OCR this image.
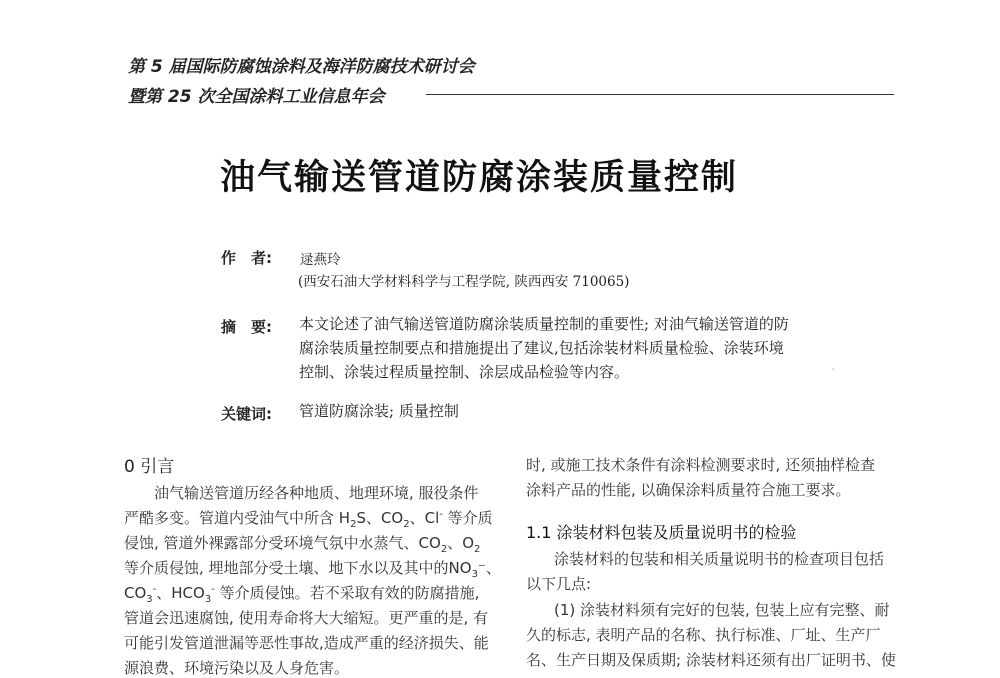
第 5 届国际防腐蚀涂料及海洋防腐技术研讨会
暨第 25 次全国涂料工业信息年会
油气输送管道防腐涂装质量控制
作　者: 逯燕玲
(西安石油大学材料科学与工程学院, 陕西西安 710065)
摘　要: 本文论述了油气输送管道防腐涂装质量控制的重要性; 对油气输送管道的防
腐涂装质量控制要点和措施提出了建议,包括涂装材料质量检验、涂装环境
控制、涂装过程质量控制、涂层成品检验等内容。	,
关键词: 管道防腐涂装; 质量控制
0 引言
油气输送管道历经各种地质、地理环境, 服役条件
严酷多变。管道内受油气中所含 $H_2S$、$CO_2$、Cl- 等介质
侵蚀, 管道外裸露部分受环境气氛中水蒸气、$CO_2$、$O_2$
等介质侵蚀, 埋地部分受土壤、地下水以及其中的$NO_3^-$、
$CO_3^-$、$HCO_3^-$ 等介质侵蚀。若不采取有效的防腐措施,
管道会迅速腐蚀, 使用寿命将大大缩短。更严重的是, 有
可能引发管道泄漏等恶性事故,造成严重的经济损失、能
源浪费、环境污染以及人身危害。
时, 或施工技术条件有涂料检测要求时, 还须抽样检查
涂料产品的性能, 以确保涂料质量符合施工要求。
1.1 涂装材料包装及质量说明书的检验
涂装材料的包装和相关质量说明书的检查项目包括
以下几点:
(1) 涂装材料须有完好的包装, 包装上应有完整、耐
久的标志, 表明产品的名称、执行标准、厂址、生产厂
名、生产日期及保质期; 涂装材料还须有出厂证明书、使
